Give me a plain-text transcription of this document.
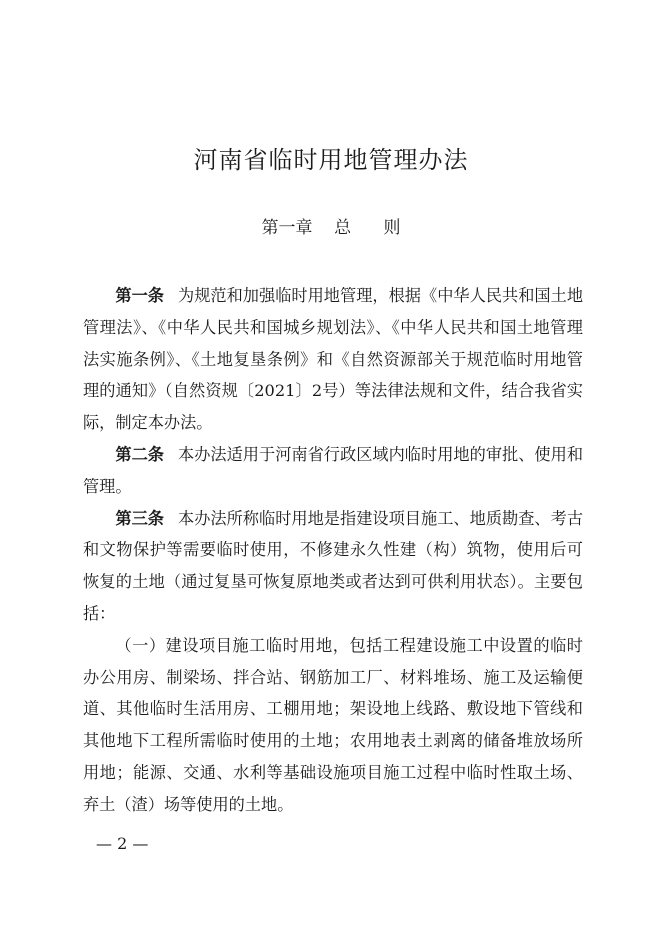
河南省临时用地管理办法
第一章    总      则

第一条 为规范和加强临时用地管理，根据《中华人民共和国土地管理法》、《中华人民共和国城乡规划法》、《中华人民共和国土地管理法实施条例》、《土地复垦条例》和《自然资源部关于规范临时用地管理的通知》（自然资规〔2021〕2号）等法律法规和文件，结合我省实际，制定本办法。

第二条 本办法适用于河南省行政区域内临时用地的审批、使用和管理。

第三条 本办法所称临时用地是指建设项目施工、地质勘查、考古和文物保护等需要临时使用，不修建永久性建（构）筑物，使用后可恢复的土地（通过复垦可恢复原地类或者达到可供利用状态）。主要包括：

（一）建设项目施工临时用地，包括工程建设施工中设置的临时办公用房、制梁场、拌合站、钢筋加工厂、材料堆场、施工及运输便道、其他临时生活用房、工棚用地；架设地上线路、敷设地下管线和其他地下工程所需临时使用的土地；农用地表土剥离的储备堆放场所用地；能源、交通、水利等基础设施项目施工过程中临时性取土场、弃土（渣）场等使用的土地。

— 2 —
